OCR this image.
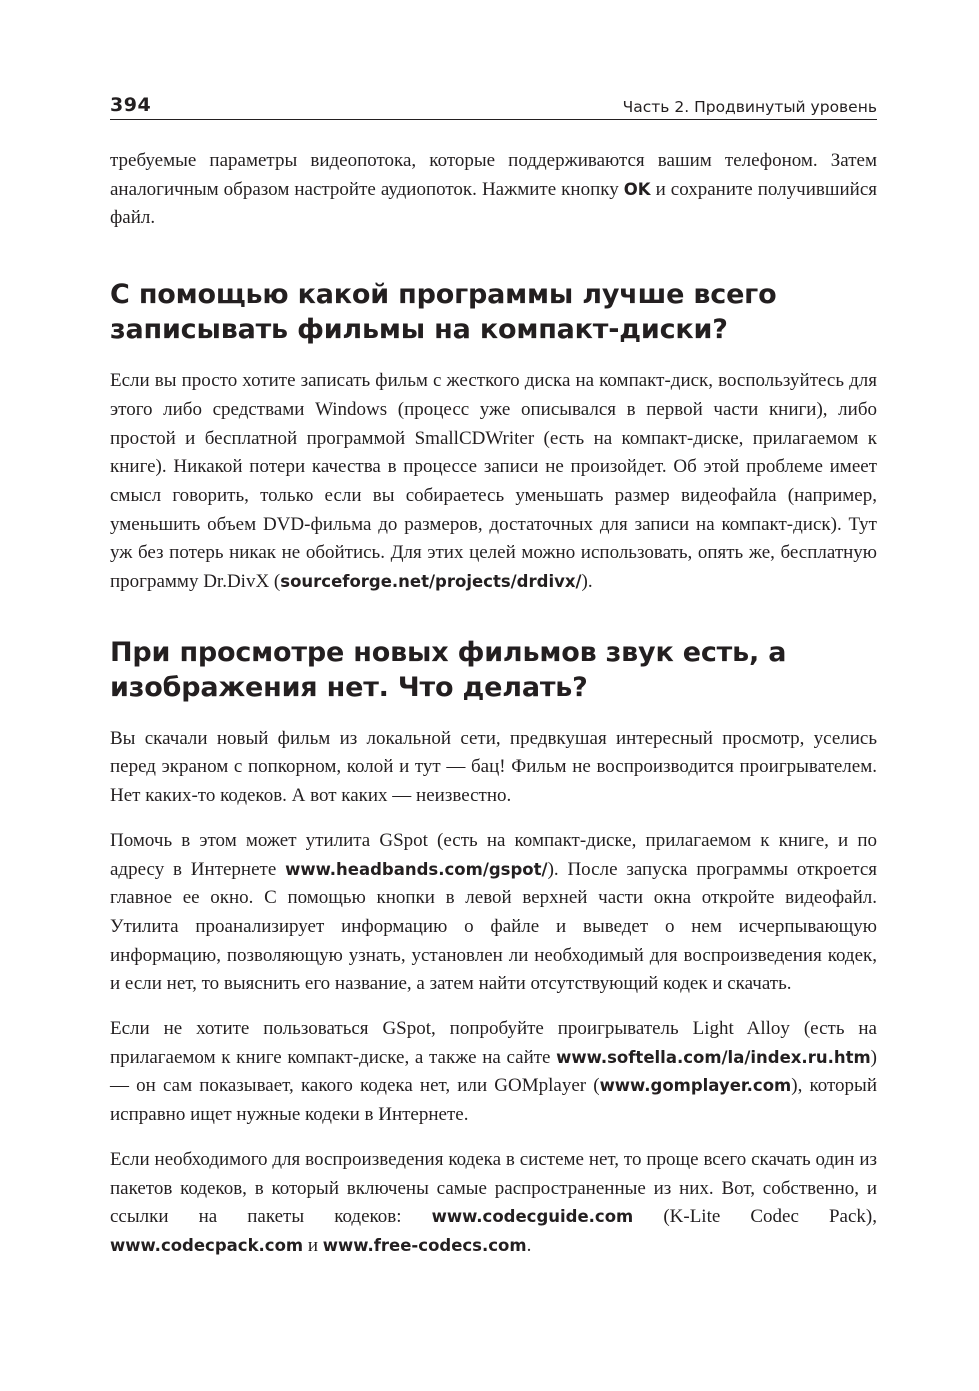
394	Часть 2. Продвинутый уровень

требуемые параметры видеопотока, которые поддерживаются вашим телефоном. Затем аналогичным образом настройте аудиопоток. Нажмите кнопку OK и сохраните получившийся файл.

С помощью какой программы лучше всего записывать фильмы на компакт-диски?

Если вы просто хотите записать фильм с жесткого диска на компакт-диск, воспользуйтесь для этого либо средствами Windows (процесс уже описывался в первой части книги), либо простой и бесплатной программой SmallCDWriter (есть на компакт-диске, прилагаемом к книге). Никакой потери качества в процессе записи не произойдет. Об этой проблеме имеет смысл говорить, только если вы собираетесь уменьшать размер видеофайла (например, уменьшить объем DVD-фильма до размеров, достаточных для записи на компакт-диск). Тут уж без потерь никак не обойтись. Для этих целей можно использовать, опять же, бесплатную программу Dr.DivX (sourceforge.net/projects/drdivx/).

При просмотре новых фильмов звук есть, а изображения нет. Что делать?

Вы скачали новый фильм из локальной сети, предвкушая интересный просмотр, уселись перед экраном с попкорном, колой и тут — бац! Фильм не воспроизводится проигрывателем. Нет каких-то кодеков. А вот каких — неизвестно.

Помочь в этом может утилита GSpot (есть на компакт-диске, прилагаемом к книге, и по адресу в Интернете www.headbands.com/gspot/). После запуска программы откроется главное ее окно. С помощью кнопки в левой верхней части окна откройте видеофайл. Утилита проанализирует информацию о файле и выведет о нем исчерпывающую информацию, позволяющую узнать, установлен ли необходимый для воспроизведения кодек, и если нет, то выяснить его название, а затем найти отсутствующий кодек и скачать.

Если не хотите пользоваться GSpot, попробуйте проигрыватель Light Alloy (есть на прилагаемом к книге компакт-диске, а также на сайте www.softella.com/la/index.ru.htm) — он сам показывает, какого кодека нет, или GOMplayer (www.gomplayer.com), который исправно ищет нужные кодеки в Интернете.

Если необходимого для воспроизведения кодека в системе нет, то проще всего скачать один из пакетов кодеков, в который включены самые распространенные из них. Вот, собственно, и ссылки на пакеты кодеков: www.codecguide.com (K-Lite Codec Pack), www.codecpack.com и www.free-codecs.com.
